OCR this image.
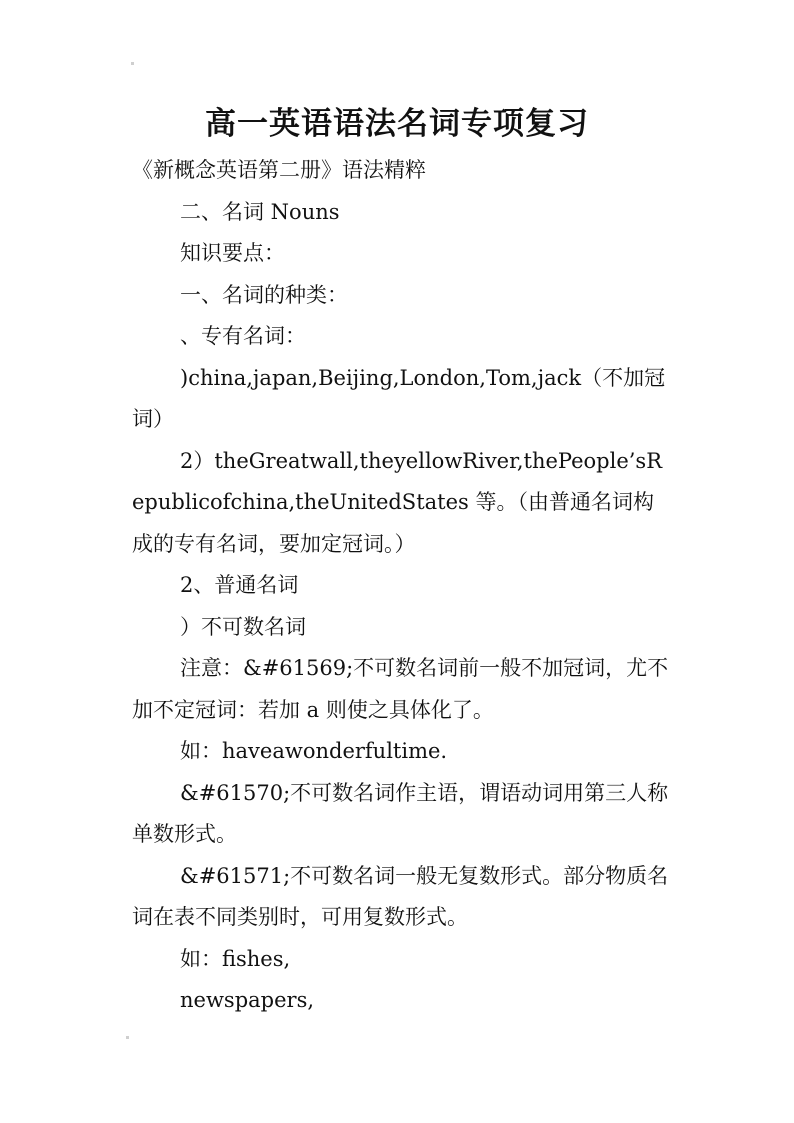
高一英语语法名词专项复习

《新概念英语第二册》语法精粹

二、名词 Nouns

知识要点：

一、名词的种类：

、专有名词：

)china,japan,Beijing,London,Tom,jack（不加冠词）

2）theGreatwall,theyellowRiver,thePeople’sRepublicofchina,theUnitedStates 等。（由普通名词构成的专有名词，要加定冠词。）

2、普通名词

）不可数名词

注意：&#61569;不可数名词前一般不加冠词，尤不加不定冠词：若加 a 则使之具体化了。

如：haveawonderfultime.

&#61570;不可数名词作主语，谓语动词用第三人称单数形式。

&#61571;不可数名词一般无复数形式。部分物质名词在表不同类别时，可用复数形式。

如：fishes,

newspapers,
